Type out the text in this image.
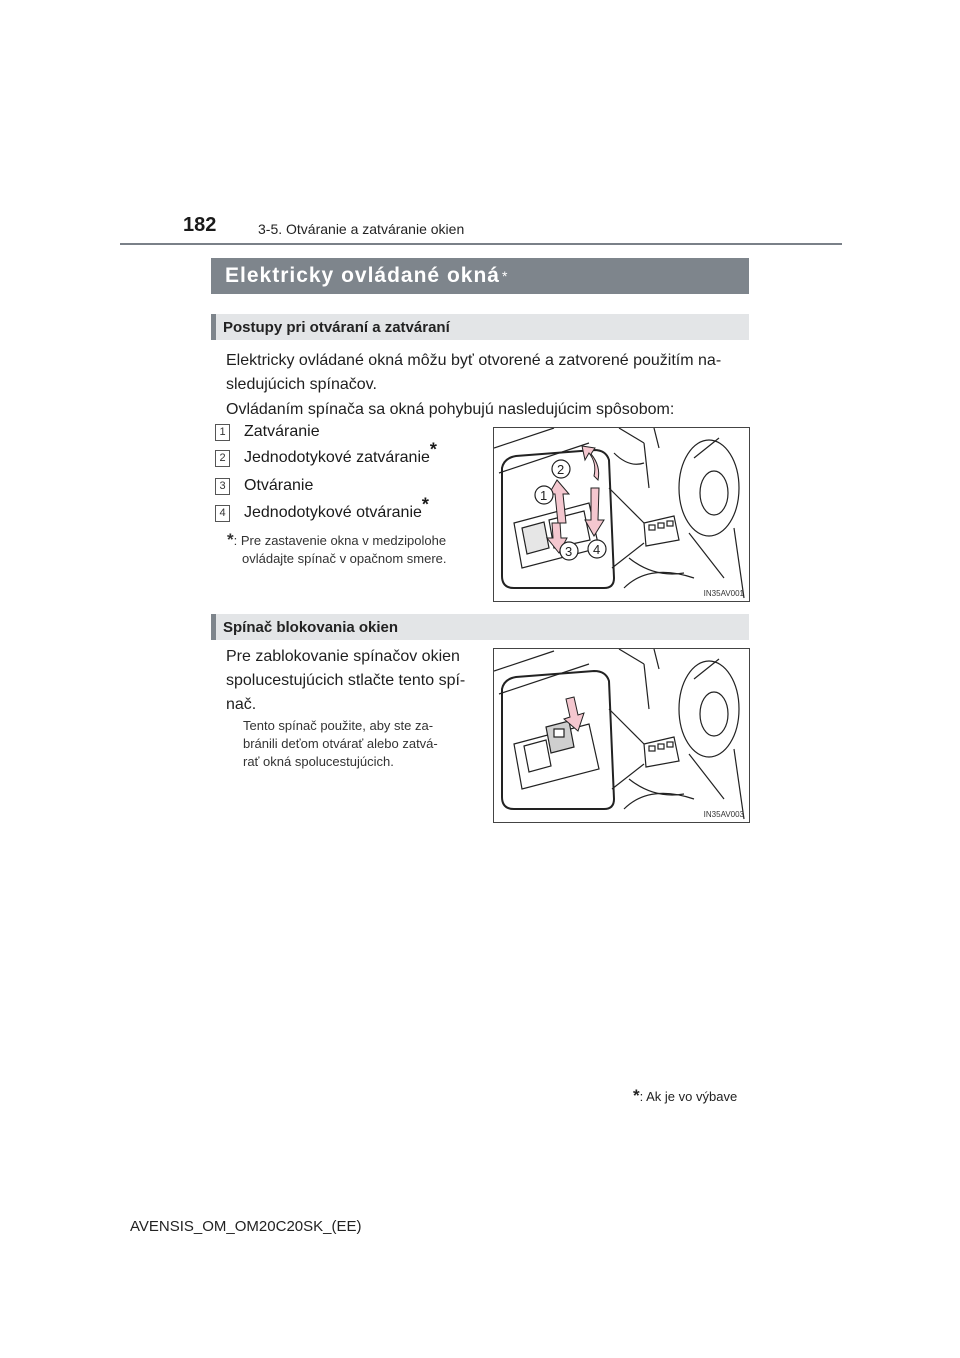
182	3-5. Otváranie a zatváranie okien
Elektricky ovládané okná *
Postupy pri otváraní a zatváraní
Elektricky ovládané okná môžu byť otvorené a zatvorené použitím na-
sledujúcich spínačov.
Ovládaním spínača sa okná pohybujú nasledujúcim spôsobom:
1 Zatváranie
2 Jednodotykové zatváranie*
3 Otváranie
4 Jednodotykové otváranie*
*: Pre zastavenie okna v medzipolohe
ovládajte spínač v opačnom smere.
2
1
3 4
IN35AV001
Spínač blokovania okien
Pre zablokovanie spínačov okien
spolucestujúcich stlačte tento spí-
nač.
Tento spínač použite, aby ste za-
bránili deťom otvárať alebo zatvá-
rať okná spolucestujúcich.
IN35AV003
*: Ak je vo výbave
AVENSIS_OM_OM20C20SK_(EE)
